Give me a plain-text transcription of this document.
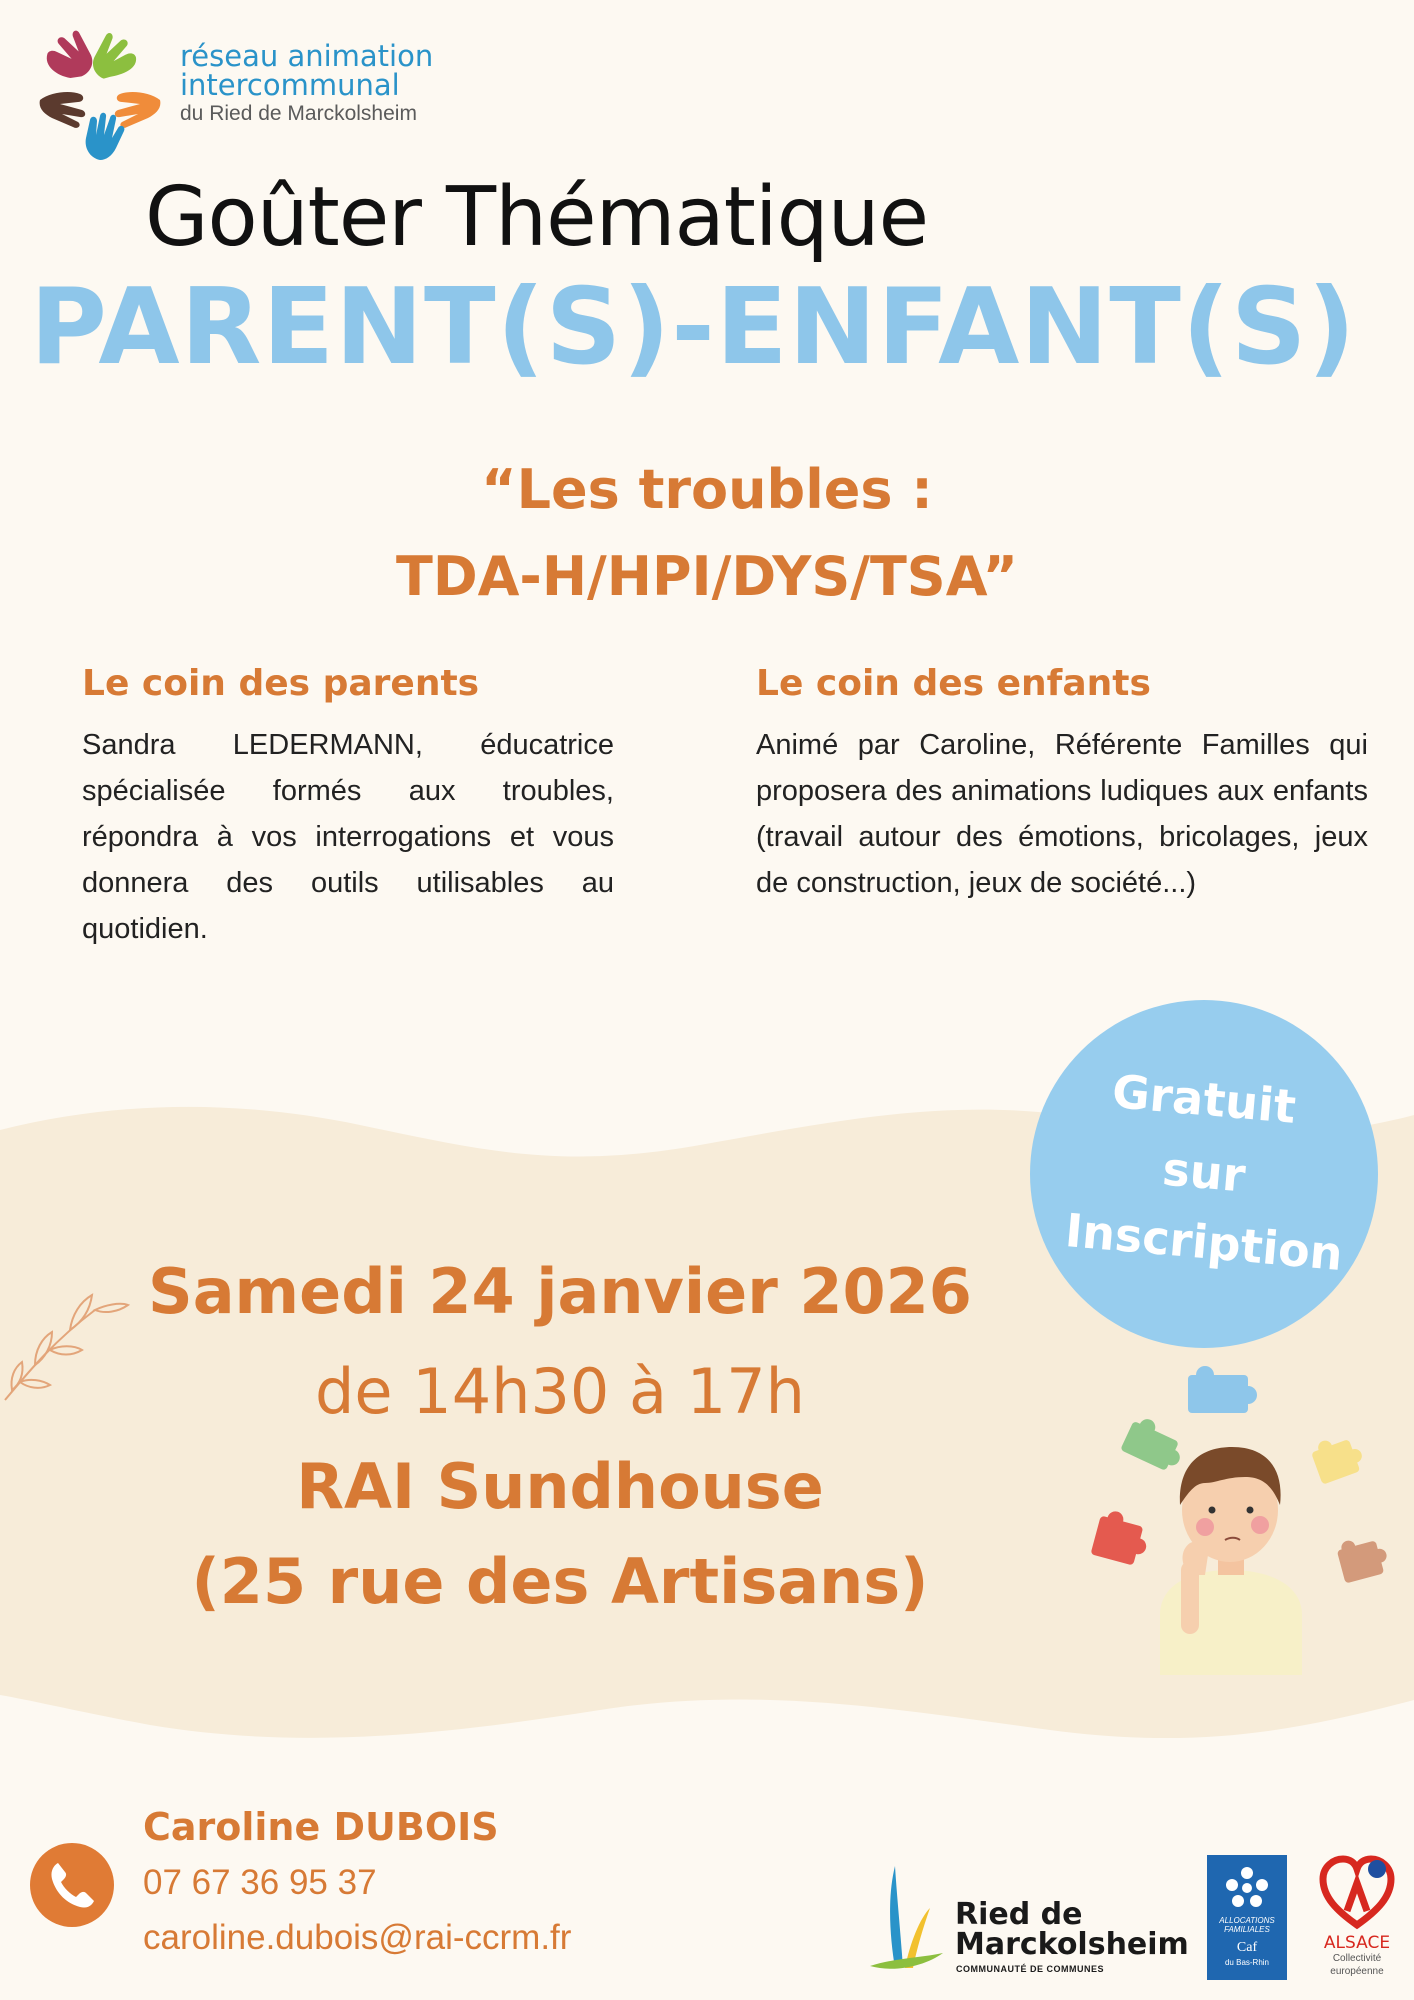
réseau animation
intercommunal
du Ried de Marckolsheim
Goûter Thématique
PARENT(S)-ENFANT(S)
“Les troubles :
TDA-H/HPI/DYS/TSA”
Le coin des parents
Sandra LEDERMANN, éducatrice spécialisée formés aux troubles, répondra à vos interrogations et vous donnera des outils utilisables au quotidien.
Le coin des enfants
Animé par Caroline, Référente Familles qui proposera des animations ludiques aux enfants (travail autour des émotions, bricolages, jeux de construction, jeux de société...)
Gratuit
sur
Inscription
Samedi 24 janvier 2026
de 14h30 à 17h
RAI Sundhouse
(25 rue des Artisans)
Caroline DUBOIS
07 67 36 95 37
caroline.dubois@rai-ccrm.fr
Ried de
Marckolsheim
COMMUNAUTÉ DE COMMUNES
ALLOCATIONS
FAMILIALES
Caf
du Bas-Rhin
ALSACE
Collectivité
européenne
